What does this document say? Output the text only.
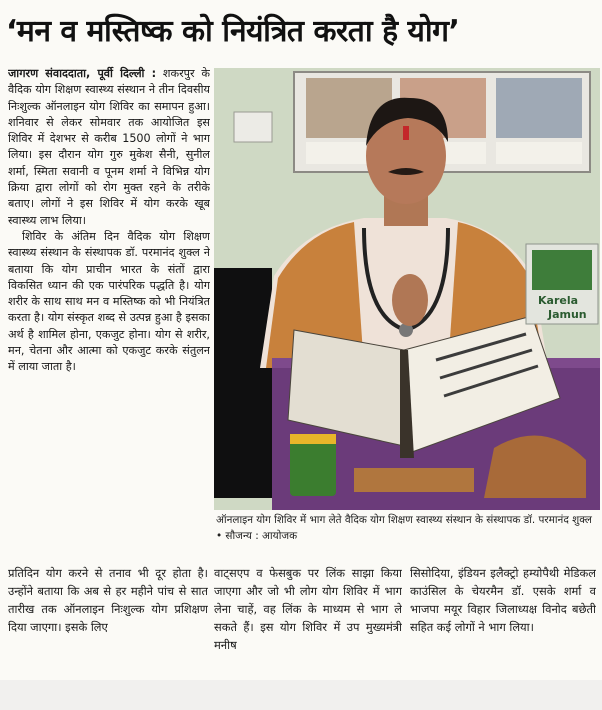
‘मन व मस्तिष्क को नियंत्रित करता है योग’

जागरण संवाददाता, पूर्वी दिल्ली : शकरपुर के वैदिक योग शिक्षण स्वास्थ्य संस्थान ने तीन दिवसीय निःशुल्क ऑनलाइन योग शिविर का समापन हुआ। शनिवार से लेकर सोमवार तक आयोजित इस शिविर में देशभर से करीब 1500 लोगों ने भाग लिया। इस दौरान योग गुरु मुकेश सैनी, सुनील शर्मा, स्मिता सवानी व पूनम शर्मा ने विभिन्न योग क्रिया द्वारा लोगों को रोग मुक्त रहने के तरीके बताए। लोगों ने इस शिविर में योग करके खूब स्वास्थ्य लाभ लिया।

शिविर के अंतिम दिन वैदिक योग शिक्षण स्वास्थ्य संस्थान के संस्थापक डॉ. परमानंद शुक्ल ने बताया कि योग प्राचीन भारत के संतों द्वारा विकसित ध्यान की एक पारंपरिक पद्धति है। योग शरीर के साथ साथ मन व मस्तिष्क को भी नियंत्रित करता है। योग संस्कृत शब्द से उत्पन्न हुआ है इसका अर्थ है शामिल होना, एकजुट होना। योग से शरीर, मन, चेतना और आत्मा को एकजुट करके संतुलन में लाया जाता है।

Karela
Jamun
ऑनलाइन योग शिविर में भाग लेते वैदिक योग शिक्षण स्वास्थ्य संस्थान के संस्थापक डॉ. परमानंद शुक्ल • सौजन्य : आयोजक

प्रतिदिन योग करने से तनाव भी दूर होता है। उन्होंने बताया कि अब से हर महीने पांच से सात तारीख तक ऑनलाइन निःशुल्क योग प्रशिक्षण दिया जाएगा। इसके लिए

वाट्सएप व फेसबुक पर लिंक साझा किया जाएगा और जो भी लोग योग शिविर में भाग लेना चाहें, वह लिंक के माध्यम से भाग ले सकते हैं। इस योग शिविर में उप मुख्यमंत्री मनीष

सिसोदिया, इंडियन इलैक्ट्रो हम्योपैथी मेडिकल काउंसिल के चेयरमैन डॉ. एसके शर्मा व भाजपा मयूर विहार जिलाध्यक्ष विनोद बछेती सहित कई लोगों ने भाग लिया।
